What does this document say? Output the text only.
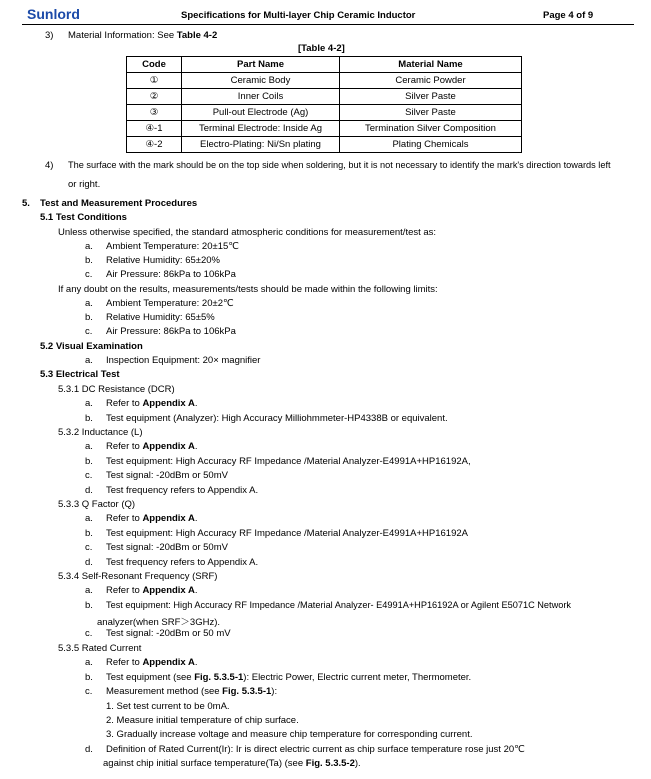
Sunlord	Specifications for Multi-layer Chip Ceramic Inductor	Page 4 of 9
3) Material Information: See Table 4-2
[Table 4-2]
Code	Part Name	Material Name
①	Ceramic Body	Ceramic Powder
②	Inner Coils	Silver Paste
③	Pull-out Electrode (Ag)	Silver Paste
④-1	Terminal Electrode: Inside Ag	Termination Silver Composition
④-2	Electro-Plating: Ni/Sn plating	Plating Chemicals
4) The surface with the mark should be on the top side when soldering, but it is not necessary to identify the mark's direction towards left
or right.
5. Test and Measurement Procedures
5.1 Test Conditions
Unless otherwise specified, the standard atmospheric conditions for measurement/test as:
a. Ambient Temperature: 20±15℃
b. Relative Humidity: 65±20%
c. Air Pressure: 86kPa to 106kPa
If any doubt on the results, measurements/tests should be made within the following limits:
a. Ambient Temperature: 20±2℃
b. Relative Humidity: 65±5%
c. Air Pressure: 86kPa to 106kPa
5.2 Visual Examination
a. Inspection Equipment: 20× magnifier
5.3 Electrical Test
5.3.1 DC Resistance (DCR)
a. Refer to Appendix A.
b. Test equipment (Analyzer): High Accuracy Milliohmmeter-HP4338B or equivalent.
5.3.2 Inductance (L)
a. Refer to Appendix A.
b. Test equipment: High Accuracy RF Impedance /Material Analyzer-E4991A+HP16192A,
c. Test signal: -20dBm or 50mV
d. Test frequency refers to Appendix A.
5.3.3 Q Factor (Q)
a. Refer to Appendix A.
b. Test equipment: High Accuracy RF Impedance /Material Analyzer-E4991A+HP16192A
c. Test signal: -20dBm or 50mV
d. Test frequency refers to Appendix A.
5.3.4 Self-Resonant Frequency (SRF)
a. Refer to Appendix A.
b. Test equipment: High Accuracy RF Impedance /Material Analyzer- E4991A+HP16192A or Agilent E5071C Network
analyzer(when SRF＞3GHz).
c. Test signal: -20dBm or 50 mV
5.3.5 Rated Current
a. Refer to Appendix A.
b. Test equipment (see Fig. 5.3.5-1): Electric Power, Electric current meter, Thermometer.
c. Measurement method (see Fig. 5.3.5-1):
1. Set test current to be 0mA.
2. Measure initial temperature of chip surface.
3. Gradually increase voltage and measure chip temperature for corresponding current.
d. Definition of Rated Current(Ir): Ir is direct electric current as chip surface temperature rose just 20℃
against chip initial surface temperature(Ta) (see Fig. 5.3.5-2).
